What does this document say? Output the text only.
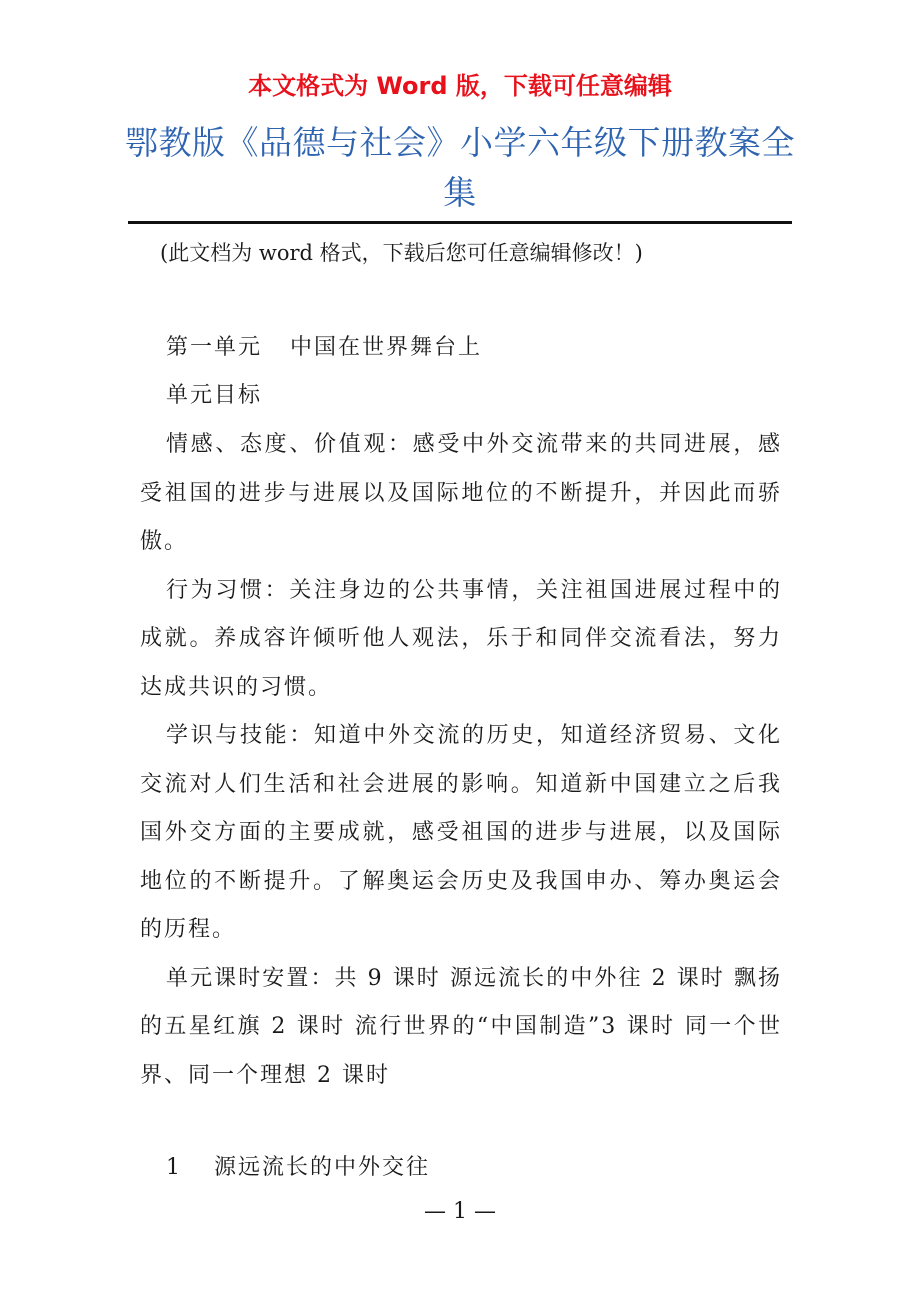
本文格式为 Word 版，下载可任意编辑
鄂教版《品德与社会》小学六年级下册教案全集
(此文档为 word 格式，下载后您可任意编辑修改！)
第一单元 中国在世界舞台上
单元目标

情感、态度、价值观：感受中外交流带来的共同进展，感受祖国的进步与进展以及国际地位的不断提升，并因此而骄傲。

行为习惯：关注身边的公共事情，关注祖国进展过程中的成就。养成容许倾听他人观法，乐于和同伴交流看法，努力达成共识的习惯。

学识与技能：知道中外交流的历史，知道经济贸易、文化交流对人们生活和社会进展的影响。知道新中国建立之后我国外交方面的主要成就，感受祖国的进步与进展，以及国际地位的不断提升。了解奥运会历史及我国申办、筹办奥运会的历程。

单元课时安置：共 9 课时 源远流长的中外往 2 课时 飘扬的五星红旗 2 课时 流行世界的“中国制造”3 课时 同一个世界、同一个理想 2 课时

1 源远流长的中外交往
— 1 —
